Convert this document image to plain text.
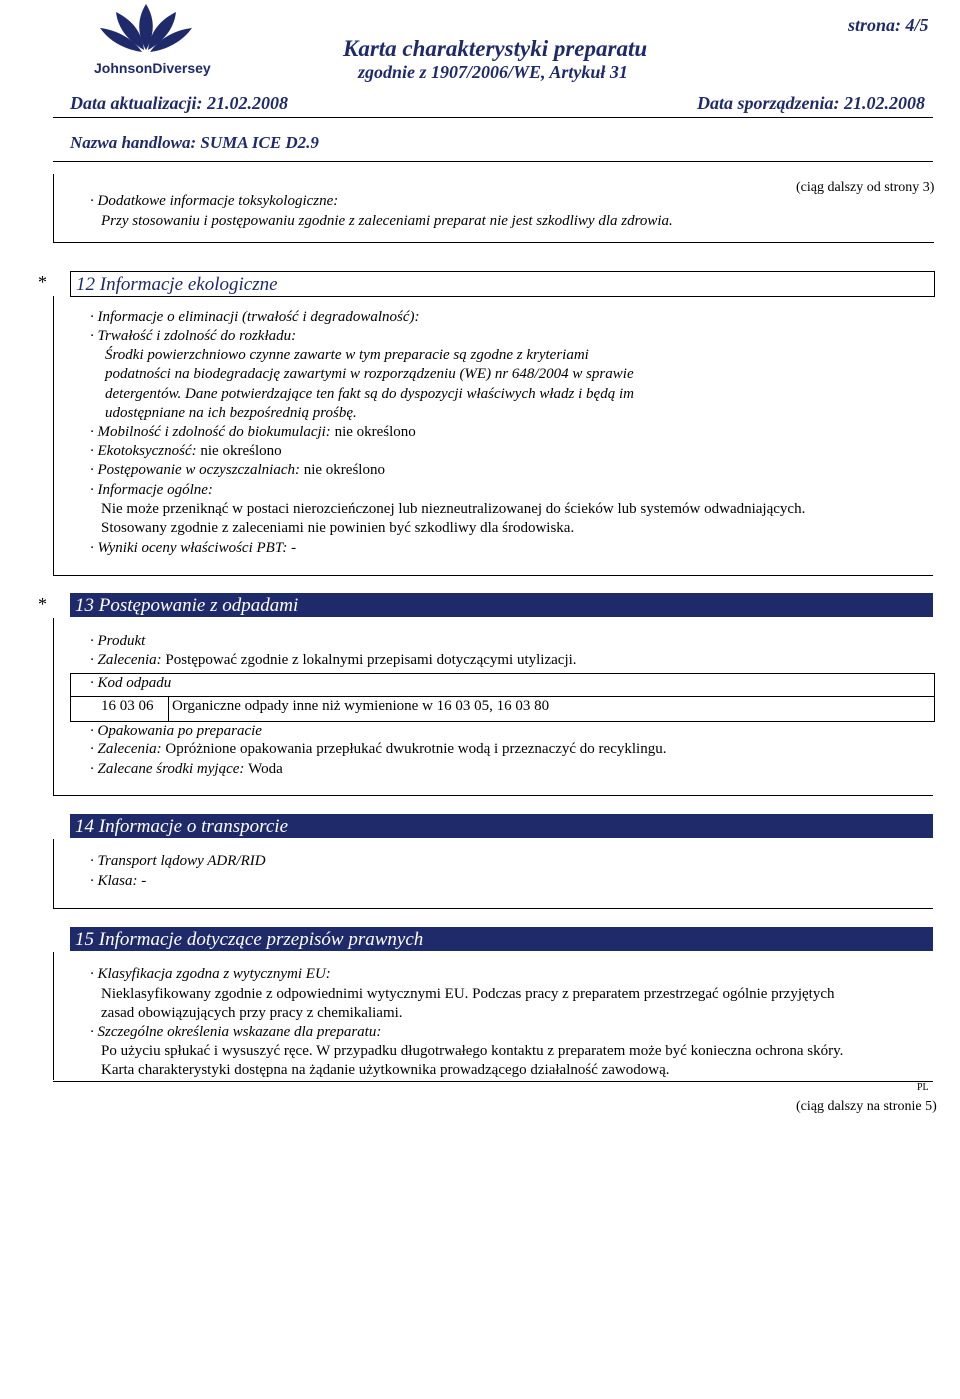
JohnsonDiversey
Karta charakterystyki preparatu
zgodnie z 1907/2006/WE, Artykuł 31
strona: 4/5
Data aktualizacji: 21.02.2008	Data sporządzenia: 21.02.2008
Nazwa handlowa: SUMA ICE D2.9
(ciąg dalszy od strony 3)
· Dodatkowe informacje toksykologiczne:
Przy stosowaniu i postępowaniu zgodnie z zaleceniami preparat nie jest szkodliwy dla zdrowia.
* 12 Informacje ekologiczne
· Informacje o eliminacji (trwałość i degradowalność):
· Trwałość i zdolność do rozkładu:
Środki powierzchniowo czynne zawarte w tym preparacie są zgodne z kryteriami
podatności na biodegradację zawartymi w rozporządzeniu (WE) nr 648/2004 w sprawie
detergentów. Dane potwierdzające ten fakt są do dyspozycji właściwych władz i będą im
udostępniane na ich bezpośrednią prośbę.
· Mobilność i zdolność do biokumulacji: nie określono
· Ekotoksyczność: nie określono
· Postępowanie w oczyszczalniach: nie określono
· Informacje ogólne:
Nie może przeniknąć w postaci nierozcieńczonej lub niezneutralizowanej do ścieków lub systemów odwadniających.
Stosowany zgodnie z zaleceniami nie powinien być szkodliwy dla środowiska.
· Wyniki oceny właściwości PBT: -
* 13 Postępowanie z odpadami
· Produkt
· Zalecenia: Postępować zgodnie z lokalnymi przepisami dotyczącymi utylizacji.
· Kod odpadu
16 03 06 Organiczne odpady inne niż wymienione w 16 03 05, 16 03 80
· Opakowania po preparacie
· Zalecenia: Opróżnione opakowania przepłukać dwukrotnie wodą i przeznaczyć do recyklingu.
· Zalecane środki myjące: Woda
14 Informacje o transporcie
· Transport lądowy ADR/RID
· Klasa: -
15 Informacje dotyczące przepisów prawnych
· Klasyfikacja zgodna z wytycznymi EU:
Nieklasyfikowany zgodnie z odpowiednimi wytycznymi EU. Podczas pracy z preparatem przestrzegać ogólnie przyjętych
zasad obowiązujących przy pracy z chemikaliami.
· Szczególne określenia wskazane dla preparatu:
Po użyciu spłukać i wysuszyć ręce. W przypadku długotrwałego kontaktu z preparatem może być konieczna ochrona skóry.
Karta charakterystyki dostępna na żądanie użytkownika prowadzącego działalność zawodową.
PL
(ciąg dalszy na stronie 5)
